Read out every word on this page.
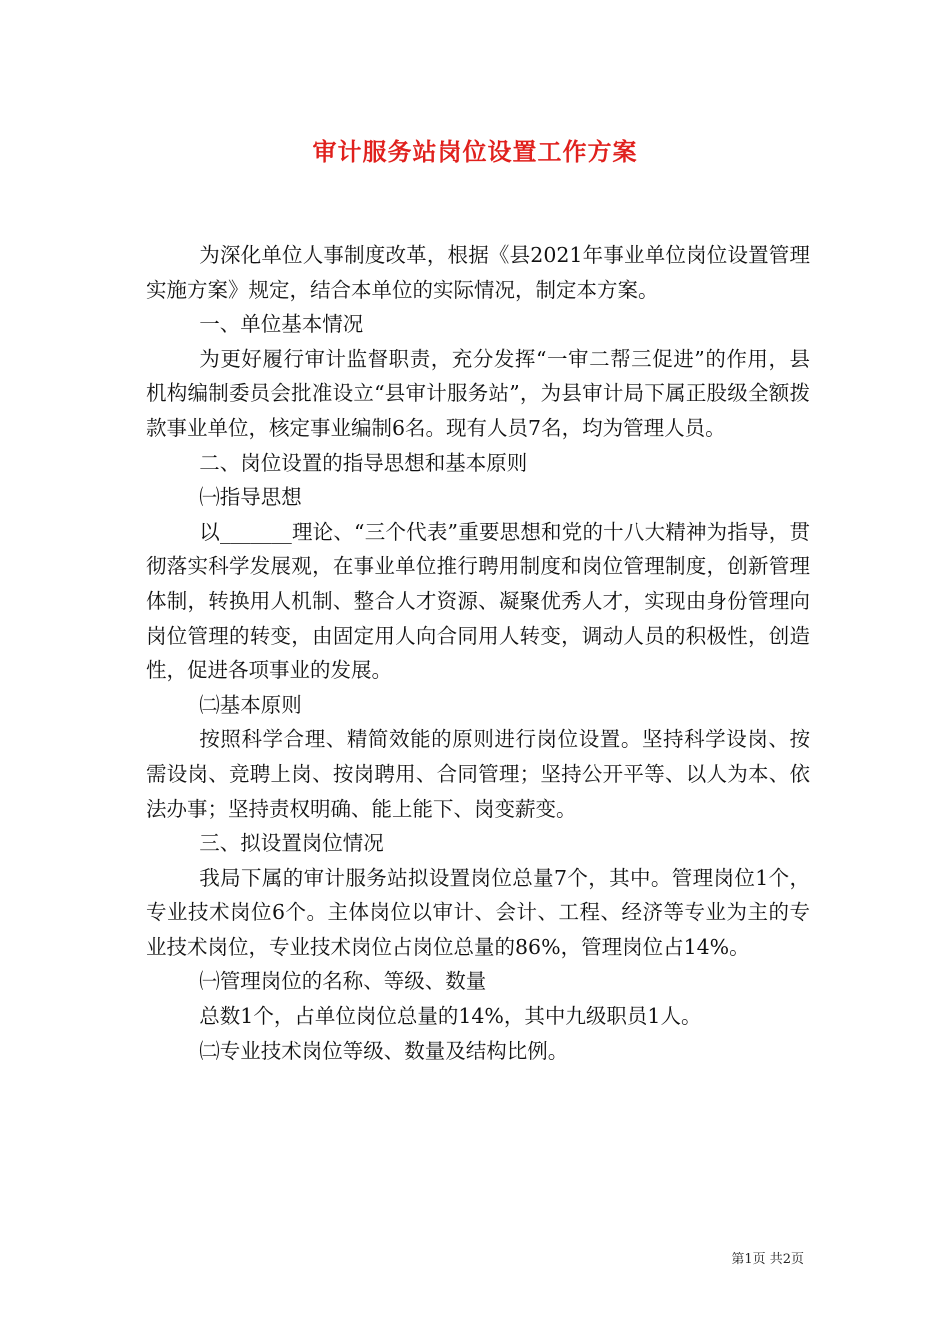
审计服务站岗位设置工作方案

为深化单位人事制度改革，根据《县2021年事业单位岗位设置管理实施方案》规定，结合本单位的实际情况，制定本方案。

一、单位基本情况

为更好履行审计监督职责，充分发挥“一审二帮三促进”的作用，县机构编制委员会批准设立“县审计服务站”，为县审计局下属正股级全额拨款事业单位，核定事业编制6名。现有人员7名，均为管理人员。

二、岗位设置的指导思想和基本原则

㈠指导思想

以_______理论、“三个代表”重要思想和党的十八大精神为指导，贯彻落实科学发展观，在事业单位推行聘用制度和岗位管理制度，创新管理体制，转换用人机制、整合人才资源、凝聚优秀人才，实现由身份管理向岗位管理的转变，由固定用人向合同用人转变，调动人员的积极性，创造性，促进各项事业的发展。

㈡基本原则

按照科学合理、精简效能的原则进行岗位设置。坚持科学设岗、按需设岗、竞聘上岗、按岗聘用、合同管理；坚持公开平等、以人为本、依法办事；坚持责权明确、能上能下、岗变薪变。

三、拟设置岗位情况

我局下属的审计服务站拟设置岗位总量7个，其中。管理岗位1个，专业技术岗位6个。主体岗位以审计、会计、工程、经济等专业为主的专业技术岗位，专业技术岗位占岗位总量的86%，管理岗位占14%。

㈠管理岗位的名称、等级、数量

总数1个，占单位岗位总量的14%，其中九级职员1人。

㈡专业技术岗位等级、数量及结构比例。

第1页 共2页
